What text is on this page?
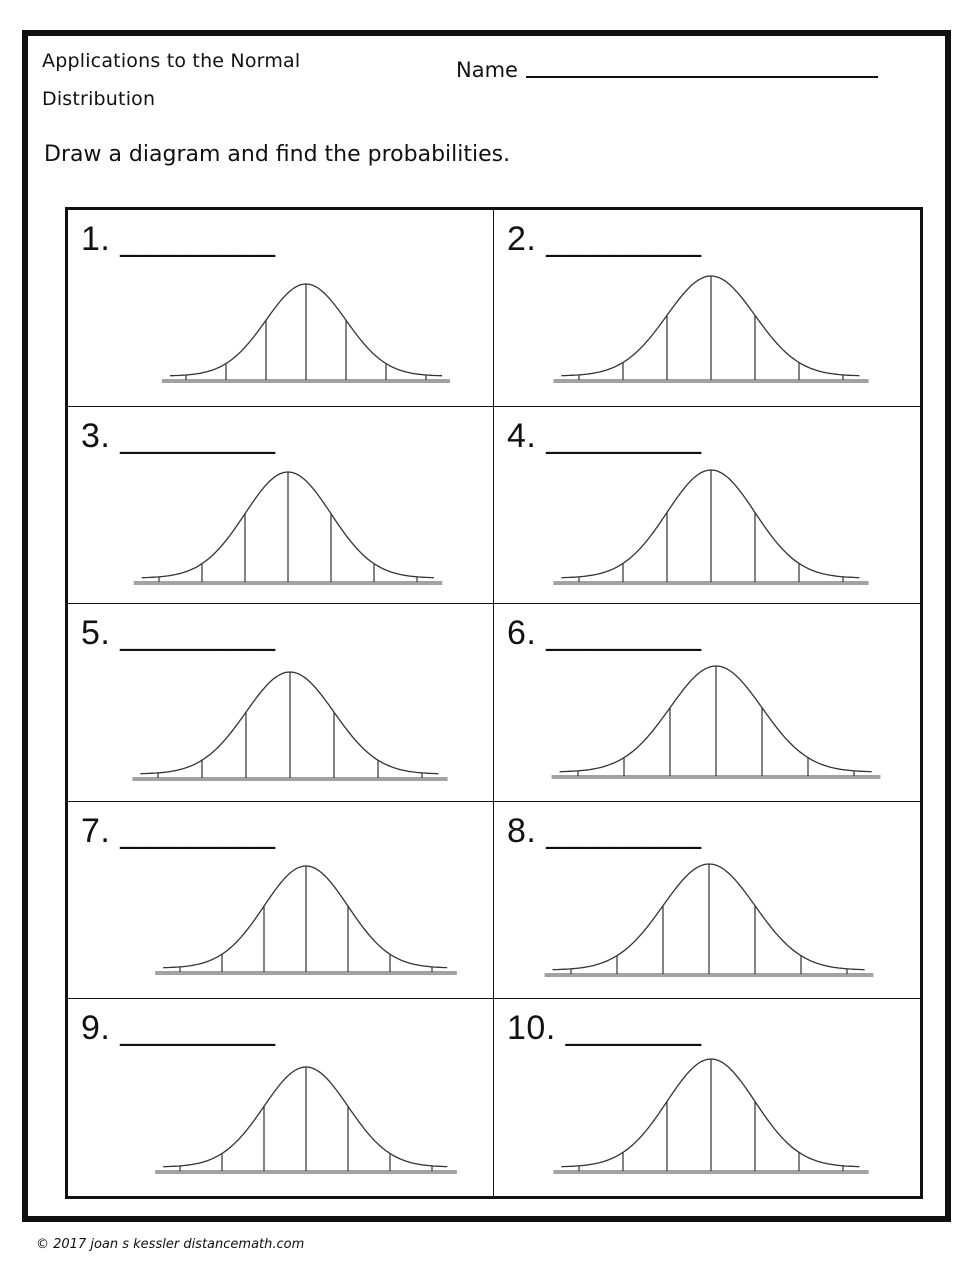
Applications to the Normal
Distribution
Name
Draw a diagram and find the probabilities.
1. ________	2. ________
3. ________	4. ________
5. ________	6. ________
7. ________	8. ________
9. ________	10. _______
© 2017 joan s kessler distancemath.com
